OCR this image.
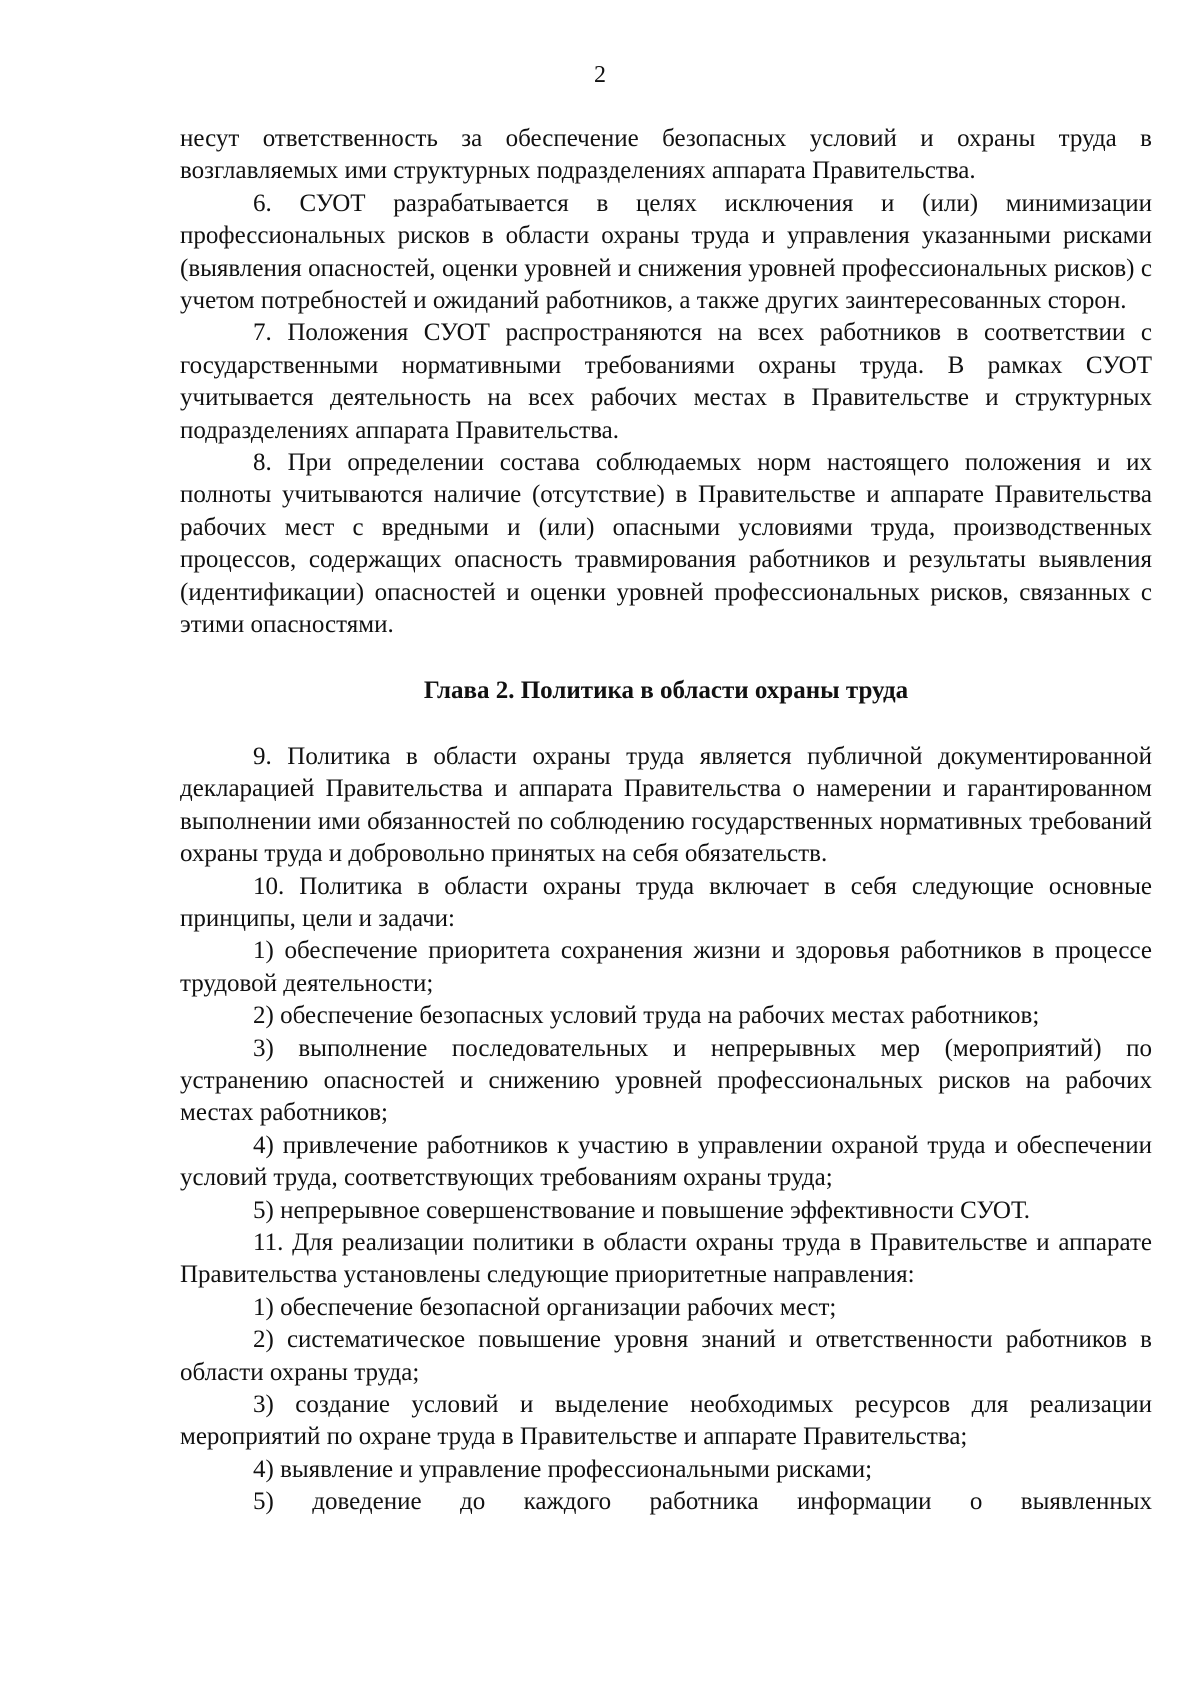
2
несут ответственность за обеспечение безопасных условий и охраны труда в возглавляемых ими структурных подразделениях аппарата Правительства.
6. СУОТ разрабатывается в целях исключения и (или) минимизации профессиональных рисков в области охраны труда и управления указанными рисками (выявления опасностей, оценки уровней и снижения уровней профессиональных рисков) с учетом потребностей и ожиданий работников, а также других заинтересованных сторон.
7. Положения СУОТ распространяются на всех работников в соответствии с государственными нормативными требованиями охраны труда. В рамках СУОТ учитывается деятельность на всех рабочих местах в Правительстве и структурных подразделениях аппарата Правительства.
8. При определении состава соблюдаемых норм настоящего положения и их полноты учитываются наличие (отсутствие) в Правительстве и аппарате Правительства рабочих мест с вредными и (или) опасными условиями труда, производственных процессов, содержащих опасность травмирования работников и результаты выявления (идентификации) опасностей и оценки уровней профессиональных рисков, связанных с этими опасностями.
Глава 2. Политика в области охраны труда
9. Политика в области охраны труда является публичной документированной декларацией Правительства и аппарата Правительства о намерении и гарантированном выполнении ими обязанностей по соблюдению государственных нормативных требований охраны труда и добровольно принятых на себя обязательств.
10. Политика в области охраны труда включает в себя следующие основные принципы, цели и задачи:
1) обеспечение приоритета сохранения жизни и здоровья работников в процессе трудовой деятельности;
2) обеспечение безопасных условий труда на рабочих местах работников;
3) выполнение последовательных и непрерывных мер (мероприятий) по устранению опасностей и снижению уровней профессиональных рисков на рабочих местах работников;
4) привлечение работников к участию в управлении охраной труда и обеспечении условий труда, соответствующих требованиям охраны труда;
5) непрерывное совершенствование и повышение эффективности СУОТ.
11. Для реализации политики в области охраны труда в Правительстве и аппарате Правительства установлены следующие приоритетные направления:
1) обеспечение безопасной организации рабочих мест;
2) систематическое повышение уровня знаний и ответственности работников в области охраны труда;
3) создание условий и выделение необходимых ресурсов для реализации мероприятий по охране труда в Правительстве и аппарате Правительства;
4) выявление и управление профессиональными рисками;
5) доведение до каждого работника информации о выявленных
